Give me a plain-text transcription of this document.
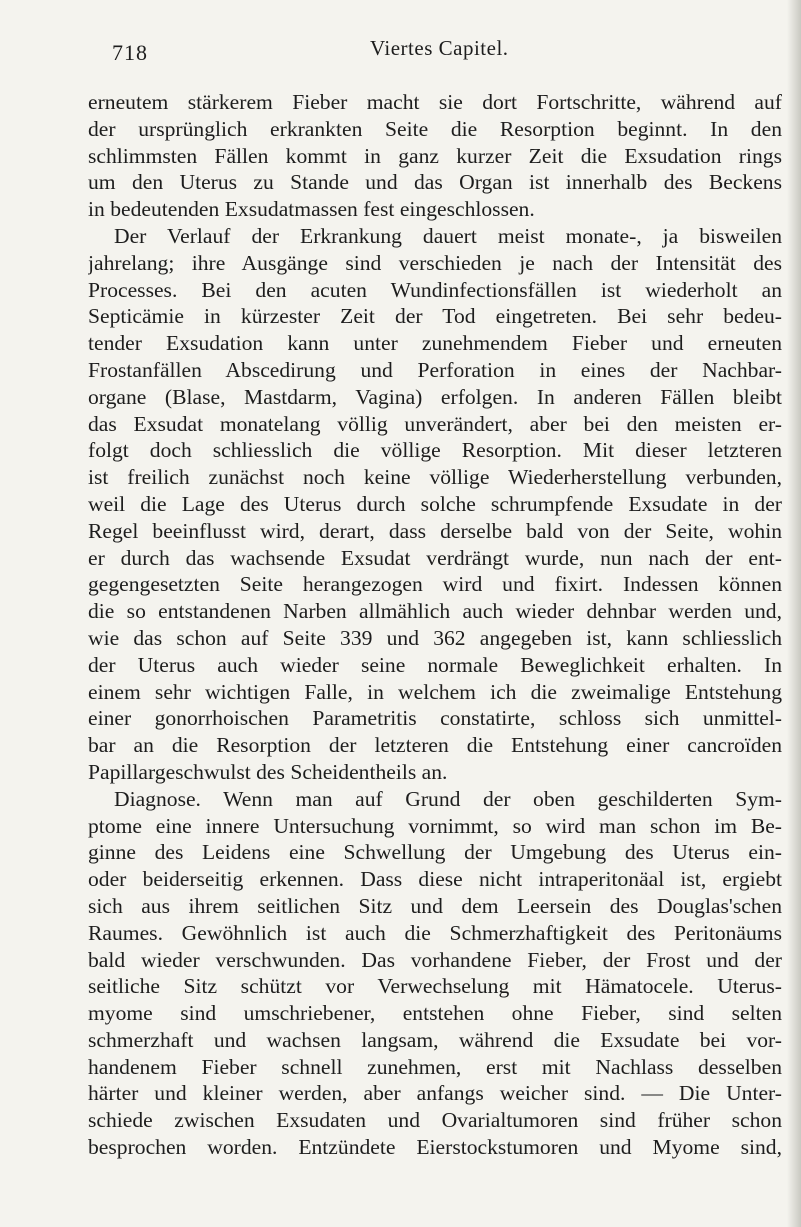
718	Viertes Capitel.
erneutem stärkerem Fieber macht sie dort Fortschritte, während auf
der ursprünglich erkrankten Seite die Resorption beginnt. In den
schlimmsten Fällen kommt in ganz kurzer Zeit die Exsudation rings
um den Uterus zu Stande und das Organ ist innerhalb des Beckens
in bedeutenden Exsudatmassen fest eingeschlossen.
Der Verlauf der Erkrankung dauert meist monate-, ja bisweilen
jahrelang; ihre Ausgänge sind verschieden je nach der Intensität des
Processes. Bei den acuten Wundinfectionsfällen ist wiederholt an
Septicämie in kürzester Zeit der Tod eingetreten. Bei sehr bedeu-
tender Exsudation kann unter zunehmendem Fieber und erneuten
Frostanfällen Abscedirung und Perforation in eines der Nachbar-
organe (Blase, Mastdarm, Vagina) erfolgen. In anderen Fällen bleibt
das Exsudat monatelang völlig unverändert, aber bei den meisten er-
folgt doch schliesslich die völlige Resorption. Mit dieser letzteren
ist freilich zunächst noch keine völlige Wiederherstellung verbunden,
weil die Lage des Uterus durch solche schrumpfende Exsudate in der
Regel beeinflusst wird, derart, dass derselbe bald von der Seite, wohin
er durch das wachsende Exsudat verdrängt wurde, nun nach der ent-
gegengesetzten Seite herangezogen wird und fixirt. Indessen können
die so entstandenen Narben allmählich auch wieder dehnbar werden und,
wie das schon auf Seite 339 und 362 angegeben ist, kann schliesslich
der Uterus auch wieder seine normale Beweglichkeit erhalten. In
einem sehr wichtigen Falle, in welchem ich die zweimalige Entstehung
einer gonorrhoischen Parametritis constatirte, schloss sich unmittel-
bar an die Resorption der letzteren die Entstehung einer cancroïden
Papillargeschwulst des Scheidentheils an.
Diagnose. Wenn man auf Grund der oben geschilderten Sym-
ptome eine innere Untersuchung vornimmt, so wird man schon im Be-
ginne des Leidens eine Schwellung der Umgebung des Uterus ein-
oder beiderseitig erkennen. Dass diese nicht intraperitonäal ist, ergiebt
sich aus ihrem seitlichen Sitz und dem Leersein des Douglas'schen
Raumes. Gewöhnlich ist auch die Schmerzhaftigkeit des Peritonäums
bald wieder verschwunden. Das vorhandene Fieber, der Frost und der
seitliche Sitz schützt vor Verwechselung mit Hämatocele. Uterus-
myome sind umschriebener, entstehen ohne Fieber, sind selten
schmerzhaft und wachsen langsam, während die Exsudate bei vor-
handenem Fieber schnell zunehmen, erst mit Nachlass desselben
härter und kleiner werden, aber anfangs weicher sind. — Die Unter-
schiede zwischen Exsudaten und Ovarialtumoren sind früher schon
besprochen worden. Entzündete Eierstockstumoren und Myome sind,
